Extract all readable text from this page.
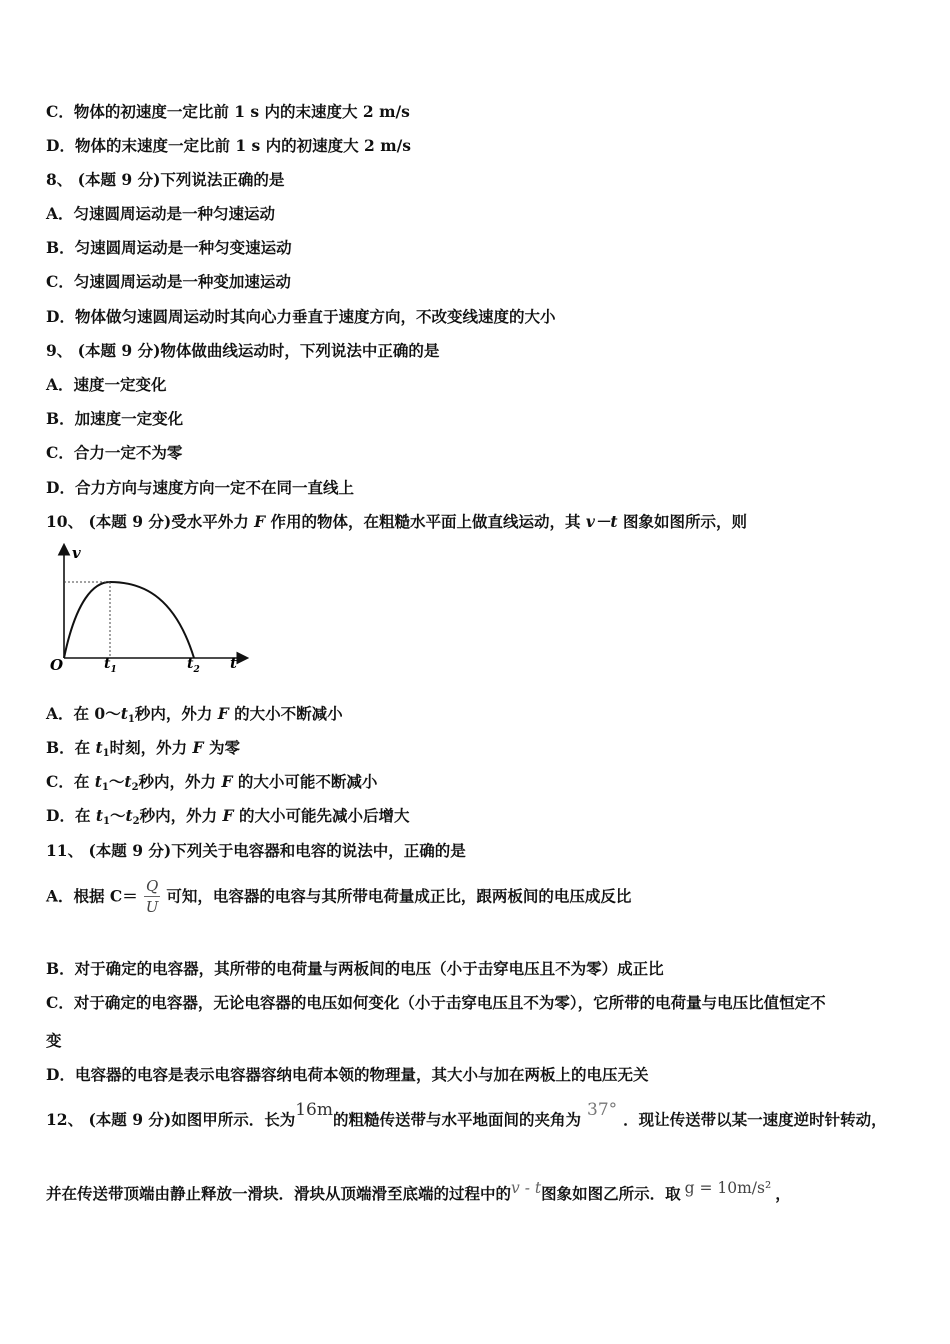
C．物体的初速度一定比前 1 s 内的末速度大 2 m/s
D．物体的末速度一定比前 1 s 内的初速度大 2 m/s
8、 (本题 9 分)下列说法正确的是
A．匀速圆周运动是一种匀速运动
B．匀速圆周运动是一种匀变速运动
C．匀速圆周运动是一种变加速运动
D．物体做匀速圆周运动时其向心力垂直于速度方向，不改变线速度的大小
9、 (本题 9 分)物体做曲线运动时，下列说法中正确的是
A．速度一定变化
B．加速度一定变化
C．合力一定不为零
D．合力方向与速度方向一定不在同一直线上
10、 (本题 9 分)受水平外力 F 作用的物体，在粗糙水平面上做直线运动，其 v－t 图象如图所示，则
v
O	$t_1$	$t_2$ t
A．在 $0\sim t_1$秒内，外力 F 的大小不断减小
B．在 $t_1$时刻，外力 F 为零
C．在 $t_1\sim t_2$秒内，外力 F 的大小可能不断减小
D．在 $t_1\sim t_2$秒内，外力 F 的大小可能先减小后增大
11、 (本题 9 分)下列关于电容器和电容的说法中，正确的是
A．根据 $C= \frac{Q}{U}$ 可知，电容器的电容与其所带电荷量成正比，跟两板间的电压成反比
B．对于确定的电容器，其所带的电荷量与两板间的电压（小于击穿电压且不为零）成正比
C．对于确定的电容器，无论电容器的电压如何变化（小于击穿电压且不为零），它所带的电荷量与电压比值恒定不
变
D．电容器的电容是表示电容器容纳电荷本领的物理量，其大小与加在两板上的电压无关
12、 (本题 9 分)如图甲所示．长为16m的粗糙传送带与水平地面间的夹角为 37° ．现让传送带以某一速度逆时针转动，
并在传送带顶端由静止释放一滑块．滑块从顶端滑至底端的过程中的v - t图象如图乙所示．取 g = 10m/s² ，
